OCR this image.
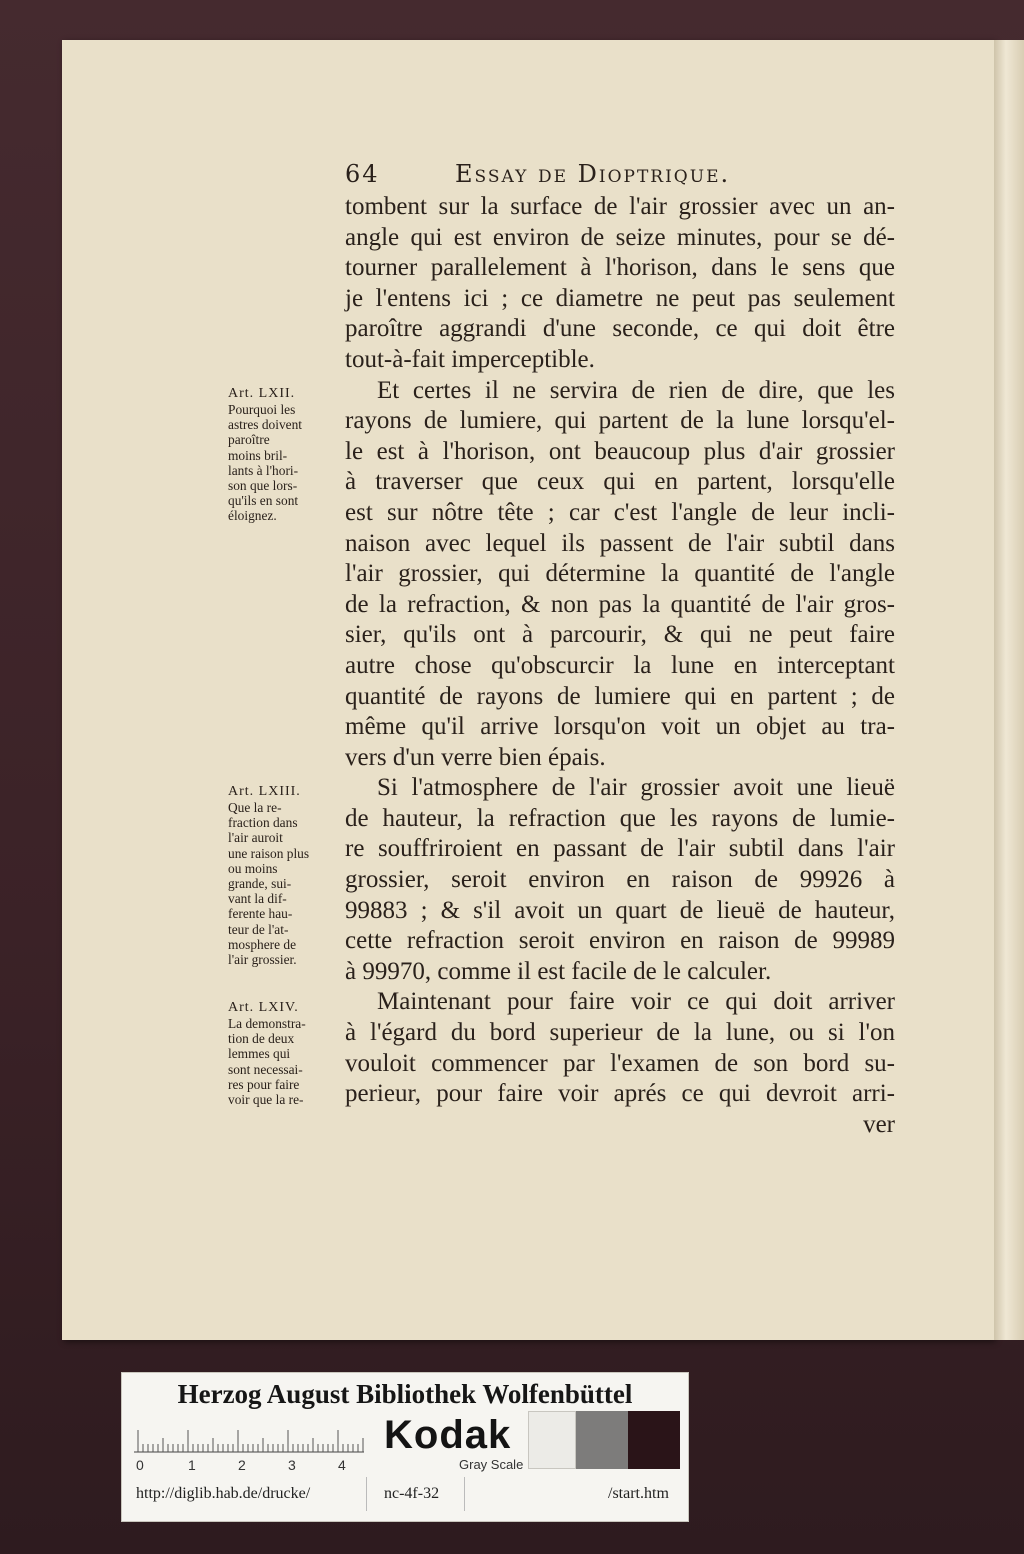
64	Essay de Dioptrique.
tombent sur la surface de l'air grossier avec un an-
angle qui est environ de seize minutes, pour se dé-
tourner parallelement à l'horison, dans le sens que
je l'entens ici ; ce diametre ne peut pas seulement
paroître aggrandi d'une seconde, ce qui doit être
tout-à-fait imperceptible.
Et certes il ne servira de rien de dire, que les
rayons de lumiere, qui partent de la lune lorsqu'el-
le est à l'horison, ont beaucoup plus d'air grossier
à traverser que ceux qui en partent, lorsqu'elle
est sur nôtre tête ; car c'est l'angle de leur incli-
naison avec lequel ils passent de l'air subtil dans
l'air grossier, qui détermine la quantité de l'angle
de la refraction, & non pas la quantité de l'air gros-
sier, qu'ils ont à parcourir, & qui ne peut faire
autre chose qu'obscurcir la lune en interceptant
quantité de rayons de lumiere qui en partent ; de
même qu'il arrive lorsqu'on voit un objet au tra-
vers d'un verre bien épais.
Si l'atmosphere de l'air grossier avoit une lieuë
de hauteur, la refraction que les rayons de lumie-
re souffriroient en passant de l'air subtil dans l'air
grossier, seroit environ en raison de 99926 à
99883 ; & s'il avoit un quart de lieuë de hauteur,
cette refraction seroit environ en raison de 99989
à 99970, comme il est facile de le calculer.
Maintenant pour faire voir ce qui doit arriver
à l'égard du bord superieur de la lune, ou si l'on
vouloit commencer par l'examen de son bord su-
perieur, pour faire voir aprés ce qui devroit arri-
ver
Art. LXII.
Pourquoi les
astres doivent
paroître
moins bril-
lants à l'hori-
son que lors-
qu'ils en sont
éloignez.
Art. LXIII.
Que la re-
fraction dans
l'air auroit
une raison plus
ou moins
grande, sui-
vant la dif-
ferente hau-
teur de l'at-
mosphere de
l'air grossier.
Art. LXIV.
La demonstra-
tion de deux
lemmes qui
sont necessai-
res pour faire
voir que la re-
Herzog August Bibliothek Wolfenbüttel
0	1	2	3	4
Kodak
Gray Scale
http://diglib.hab.de/drucke/	nc-4f-32	/start.htm
